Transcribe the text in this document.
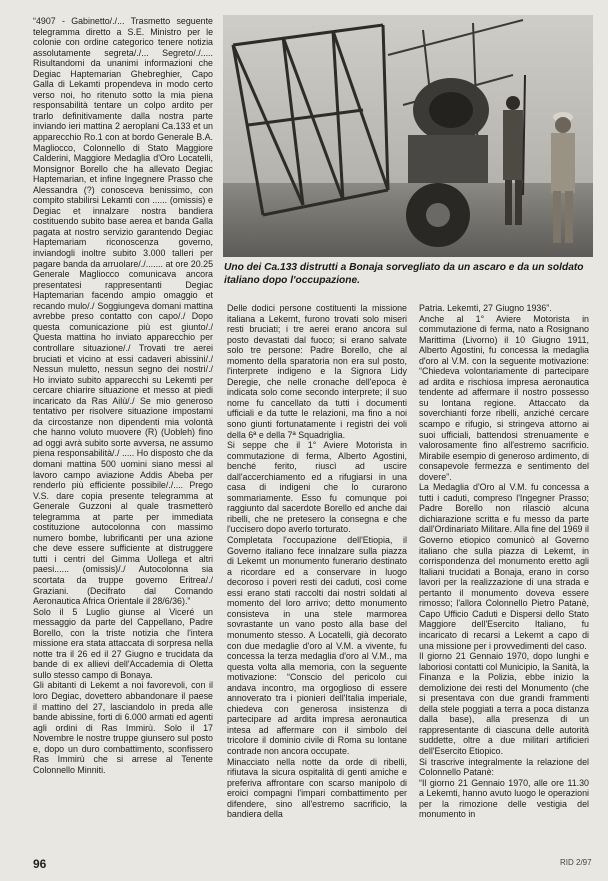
“4907 - Gabinetto/./... Trasmetto seguente telegramma diretto a S.E. Ministro per le colonie con ordine categorico tenere notizia assolutamente segreta/./... Segreto/./..... Risultandomi da unanimi informazioni che Degiac Haptemarian Ghebreghier, Capo Galla di Lekamti propendeva in modo certo verso noi, ho ritenuto sotto la mia piena responsabilità tentare un colpo ardito per trarlo definitivamente dalla nostra parte inviando ieri mattina 2 aeroplani Ca.133 et un apparecchio Ro.1 con at bordo Generale B.A. Magliocco, Colonnello di Stato Maggiore Calderini, Maggiore Medaglia d'Oro Locatelli, Monsignor Borello che ha allevato Degiac Haptemarian, et infine Ingegnere Prasso che Alessandra (?) conosceva benissimo, con compito stabilirsi Lekamti con ...... (omissis) e Degiac et innalzare nostra bandiera costituendo subito base aerea et banda Galla pagata at nostro servizio garantendo Degiac Haptemariam riconoscenza governo, inviandogli inoltre subito 3.000 talleri per pagare banda da arruolare/./....... at ore 20.25 Generale Magliocco comunicava ancora presentatesi rappresentanti Degiac Haptemarian facendo ampio omaggio et recando mulo/./ Soggiungeva domani mattina avrebbe preso contatto con capo/./ Dopo questa comunicazione più est giunto/./ Questa mattina ho inviato apparecchio per controllare situazione/./ Trovati tre aerei bruciati et vicino at essi cadaveri abissini/./ Nessun muletto, nessun segno dei nostri/./ Ho inviato subito apparecchi su Lekemti per cercare chiarire situazione et messo at piedi incaricato da Ras Ailù/./ Se mio generoso tentativo per risolvere situazione impostami da circostanze non dipendenti mia volontà che hanno voluto muovere (R) (Uobleh) fino ad oggi avrà subito sorte avversa, ne assumo piena responsabilità/./ ..... Ho disposto che da domani mattina 500 uomini siano messi al lavoro campo aviazione Addis Abeba per renderlo più efficiente possibile/./.... Prego V.S. dare copia presente telegramma at Generale Guzzoni al quale trasmetterò telegramma at parte per immediata costituzione autocolonna con massimo numero bombe, lubrificanti per una azione che deve essere sufficiente at distruggere tutti i centri del Gimma Uollega et altri paesi...... (omissis)/./ Autocolonna sia scortata da truppe governo Eritrea/./ Graziani. (Decifrato dal Comando Aeronautica Africa Orientale il 28/6/36).”

Solo il 5 Luglio giunse al Viceré un messaggio da parte del Cappellano, Padre Borello, con la triste notizia che l'intera missione era stata attaccata di sorpresa nella notte tra il 26 ed il 27 Giugno e trucidata da bande di ex allievi dell'Accademia di Oletta sullo stesso campo di Bonaya.

Gli abitanti di Lekemt a noi favorevoli, con il loro Degiac, dovettero abbandonare il paese il mattino del 27, lasciandolo in preda alle bande abissine, forti di 6.000 armati ed agenti agli ordini di Ras Immirù. Solo il 17 Novembre le nostre truppe giunsero sul posto e, dopo un duro combattimento, sconfissero Ras Immirù che si arrese al Tenente Colonnello Minniti.

Uno dei Ca.133 distrutti a Bonaja sorvegliato da un ascaro e da un soldato italiano dopo l'occupazione.

Delle dodici persone costituenti la missione italiana a Lekemt, furono trovati solo miseri resti bruciati; i tre aerei erano ancora sul posto devastati dal fuoco; si erano salvate solo tre persone: Padre Borello, che al momento della sparatoria non era sul posto, l'interprete indigeno e la Signora Lidy Deregie, che nelle cronache dell'epoca è indicata solo come secondo interprete; il suo nome fu cancellato da tutti i documenti ufficiali e da tutte le relazioni, ma fino a noi sono giunti fortunatamente i registri dei voli della 6ª e della 7ª Squadriglia.

Si seppe che il 1° Aviere Motorista in commutazione di ferma, Alberto Agostini, benché ferito, riuscì ad uscire dall'accerchiamento ed a rifugiarsi in una casa di indigeni che lo curarono sommariamente. Esso fu comunque poi raggiunto dal sacerdote Borello ed anche dai ribelli, che ne pretesero la consegna e che l'uccisero dopo averlo torturato.

Completata l'occupazione dell'Etiopia, il Governo italiano fece innalzare sulla piazza di Lekemt un monumento funerario destinato a ricordare ed a conservare in luogo decoroso i poveri resti dei caduti, così come essi erano stati raccolti dai nostri soldati al momento del loro arrivo; detto monumento consisteva in una stele marmorea sovrastante un vano posto alla base del monumento stesso. A Locatelli, già decorato con due medaglie d'oro al V.M. a vivente, fu concessa la terza medaglia d'oro al V.M., ma questa volta alla memoria, con la seguente motivazione: “Conscio del pericolo cui andava incontro, ma orgoglioso di essere annoverato tra i pionieri dell'Italia imperiale, chiedeva con generosa insistenza di partecipare ad ardita impresa aeronautica intesa ad affermare con il simbolo del tricolore il dominio civile di Roma su lontane contrade non ancora occupate.

Minacciato nella notte da orde di ribelli, rifiutava la sicura ospitalità di genti amiche e preferiva affrontare con scarso manipolo di eroici compagni l'impari combattimento per difendere, sino all'estremo sacrificio, la bandiera della

Patria. Lekemti, 27 Giugno 1936”.

Anche al 1° Aviere Motorista in commutazione di ferma, nato a Rosignano Marittima (Livorno) il 10 Giugno 1911, Alberto Agostini, fu concessa la medaglia d'oro al V.M. con la seguente motivazione: “Chiedeva volontariamente di partecipare ad ardita e rischiosa impresa aeronautica tendente ad affermare il nostro possesso su lontana regione. Attaccato da soverchianti forze ribelli, anziché cercare scampo e rifugio, si stringeva attorno ai suoi ufficiali, battendosi strenuamente e valorosamente fino all'estremo sacrificio. Mirabile esempio di generoso ardimento, di consapevole fermezza e sentimento del dovere”.

La Medaglia d'Oro al V.M. fu concessa a tutti i caduti, compreso l'Ingegner Prasso; Padre Borello non rilasciò alcuna dichiarazione scritta e fu messo da parte dall'Ordinariato Militare. Alla fine del 1969 il Governo etiopico comunicò al Governo italiano che sulla piazza di Lekemt, in corrispondenza del monumento eretto agli Italiani trucidati a Bonaja, erano in corso lavori per la realizzazione di una strada e pertanto il monumento doveva essere rimosso; l'allora Colonnello Pietro Patanè, Capo Ufficio Caduti e Dispersi dello Stato Maggiore dell'Esercito Italiano, fu incaricato di recarsi a Lekemt a capo di una missione per i provvedimenti del caso.

Il giorno 21 Gennaio 1970, dopo lunghi e laboriosi contatti col Municipio, la Sanità, la Finanza e la Polizia, ebbe inizio la demolizione dei resti del Monumento (che si presentava con due grandi frammenti della stele poggiati a terra a poca distanza dalla base), alla presenza di un rappresentante di ciascuna delle autorità suddette, oltre a due militari artificieri dell'Esercito Etiopico.

Si trascrive integralmente la relazione del Colonnello Patanè:

“Il giorno 21 Gennaio 1970, alle ore 11.30 a Lekemti, hanno avuto luogo le operazioni per la rimozione delle vestigia del monumento in

96	RID 2/97
